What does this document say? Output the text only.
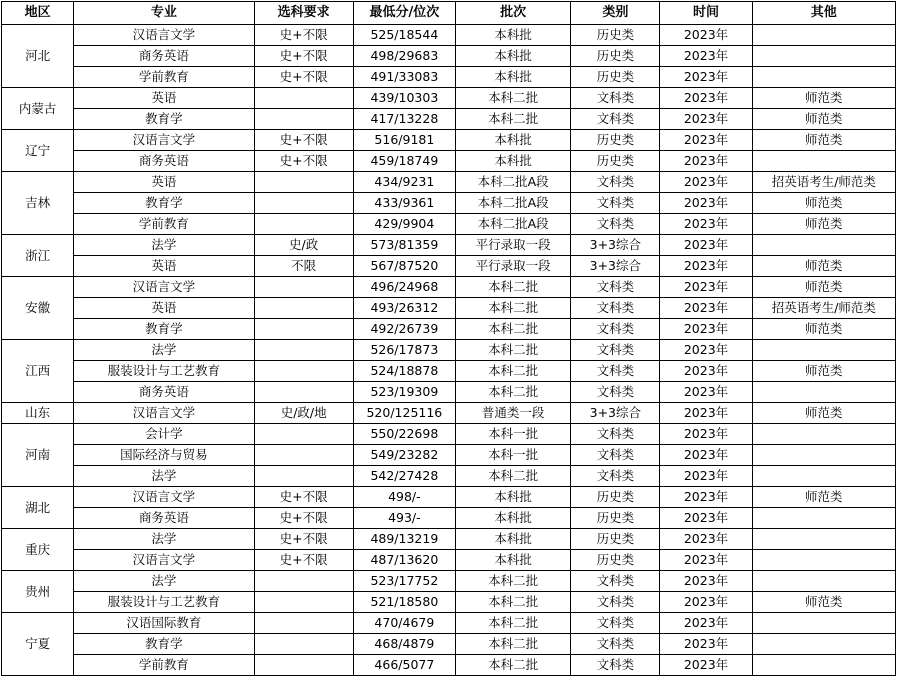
地区	专业	选科要求	最低分/位次	批次	类别	时间	其他
河北	汉语言文学	史+不限	525/18544	本科批	历史类	2023年	
	商务英语	史+不限	498/29683	本科批	历史类	2023年	
	学前教育	史+不限	491/33083	本科批	历史类	2023年	
内蒙古	英语		439/10303	本科二批	文科类	2023年	师范类
	教育学		417/13228	本科二批	文科类	2023年	师范类
辽宁	汉语言文学	史+不限	516/9181	本科批	历史类	2023年	师范类
	商务英语	史+不限	459/18749	本科批	历史类	2023年	
吉林	英语		434/9231	本科二批A段	文科类	2023年	招英语考生/师范类
	教育学		433/9361	本科二批A段	文科类	2023年	师范类
	学前教育		429/9904	本科二批A段	文科类	2023年	师范类
浙江	法学	史/政	573/81359	平行录取一段	3+3综合	2023年	
	英语	不限	567/87520	平行录取一段	3+3综合	2023年	师范类
安徽	汉语言文学		496/24968	本科二批	文科类	2023年	师范类
	英语		493/26312	本科二批	文科类	2023年	招英语考生/师范类
	教育学		492/26739	本科二批	文科类	2023年	师范类
江西	法学		526/17873	本科二批	文科类	2023年	
	服装设计与工艺教育		524/18878	本科二批	文科类	2023年	师范类
	商务英语		523/19309	本科二批	文科类	2023年	
山东	汉语言文学	史/政/地	520/125116	普通类一段	3+3综合	2023年	师范类
河南	会计学		550/22698	本科一批	文科类	2023年	
	国际经济与贸易		549/23282	本科一批	文科类	2023年	
	法学		542/27428	本科二批	文科类	2023年	
湖北	汉语言文学	史+不限	498/-	本科批	历史类	2023年	师范类
	商务英语	史+不限	493/-	本科批	历史类	2023年	
重庆	法学	史+不限	489/13219	本科批	历史类	2023年	
	汉语言文学	史+不限	487/13620	本科批	历史类	2023年	
贵州	法学		523/17752	本科二批	文科类	2023年	
	服装设计与工艺教育		521/18580	本科二批	文科类	2023年	师范类
宁夏	汉语国际教育		470/4679	本科二批	文科类	2023年	
	教育学		468/4879	本科二批	文科类	2023年	
	学前教育		466/5077	本科二批	文科类	2023年	
